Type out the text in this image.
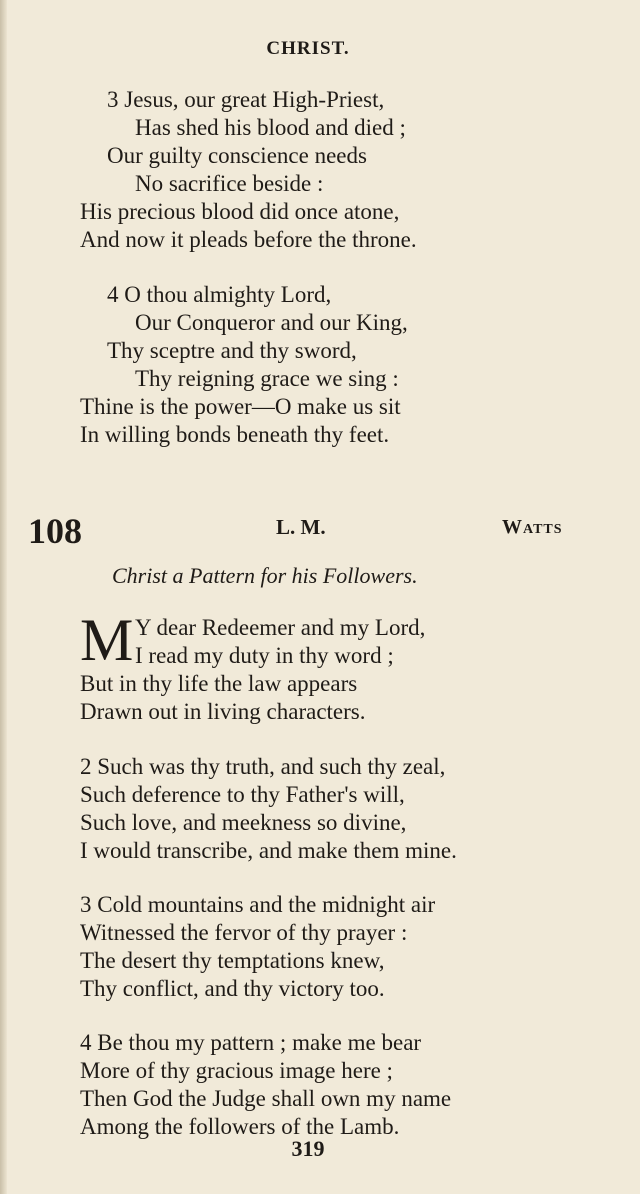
CHRIST.
3 Jesus, our great High-Priest,
Has shed his blood and died ;
Our guilty conscience needs
No sacrifice beside :
His precious blood did once atone,
And now it pleads before the throne.
4 O thou almighty Lord,
Our Conqueror and our King,
Thy sceptre and thy sword,
Thy reigning grace we sing :
Thine is the power—O make us sit
In willing bonds beneath thy feet.
108	L. M.	Watts
Christ a Pattern for his Followers.
M Y dear Redeemer and my Lord,
I read my duty in thy word ;
But in thy life the law appears
Drawn out in living characters.
2 Such was thy truth, and such thy zeal,
Such deference to thy Father's will,
Such love, and meekness so divine,
I would transcribe, and make them mine.
3 Cold mountains and the midnight air
Witnessed the fervor of thy prayer :
The desert thy temptations knew,
Thy conflict, and thy victory too.
4 Be thou my pattern ; make me bear
More of thy gracious image here ;
Then God the Judge shall own my name
Among the followers of the Lamb.
319
